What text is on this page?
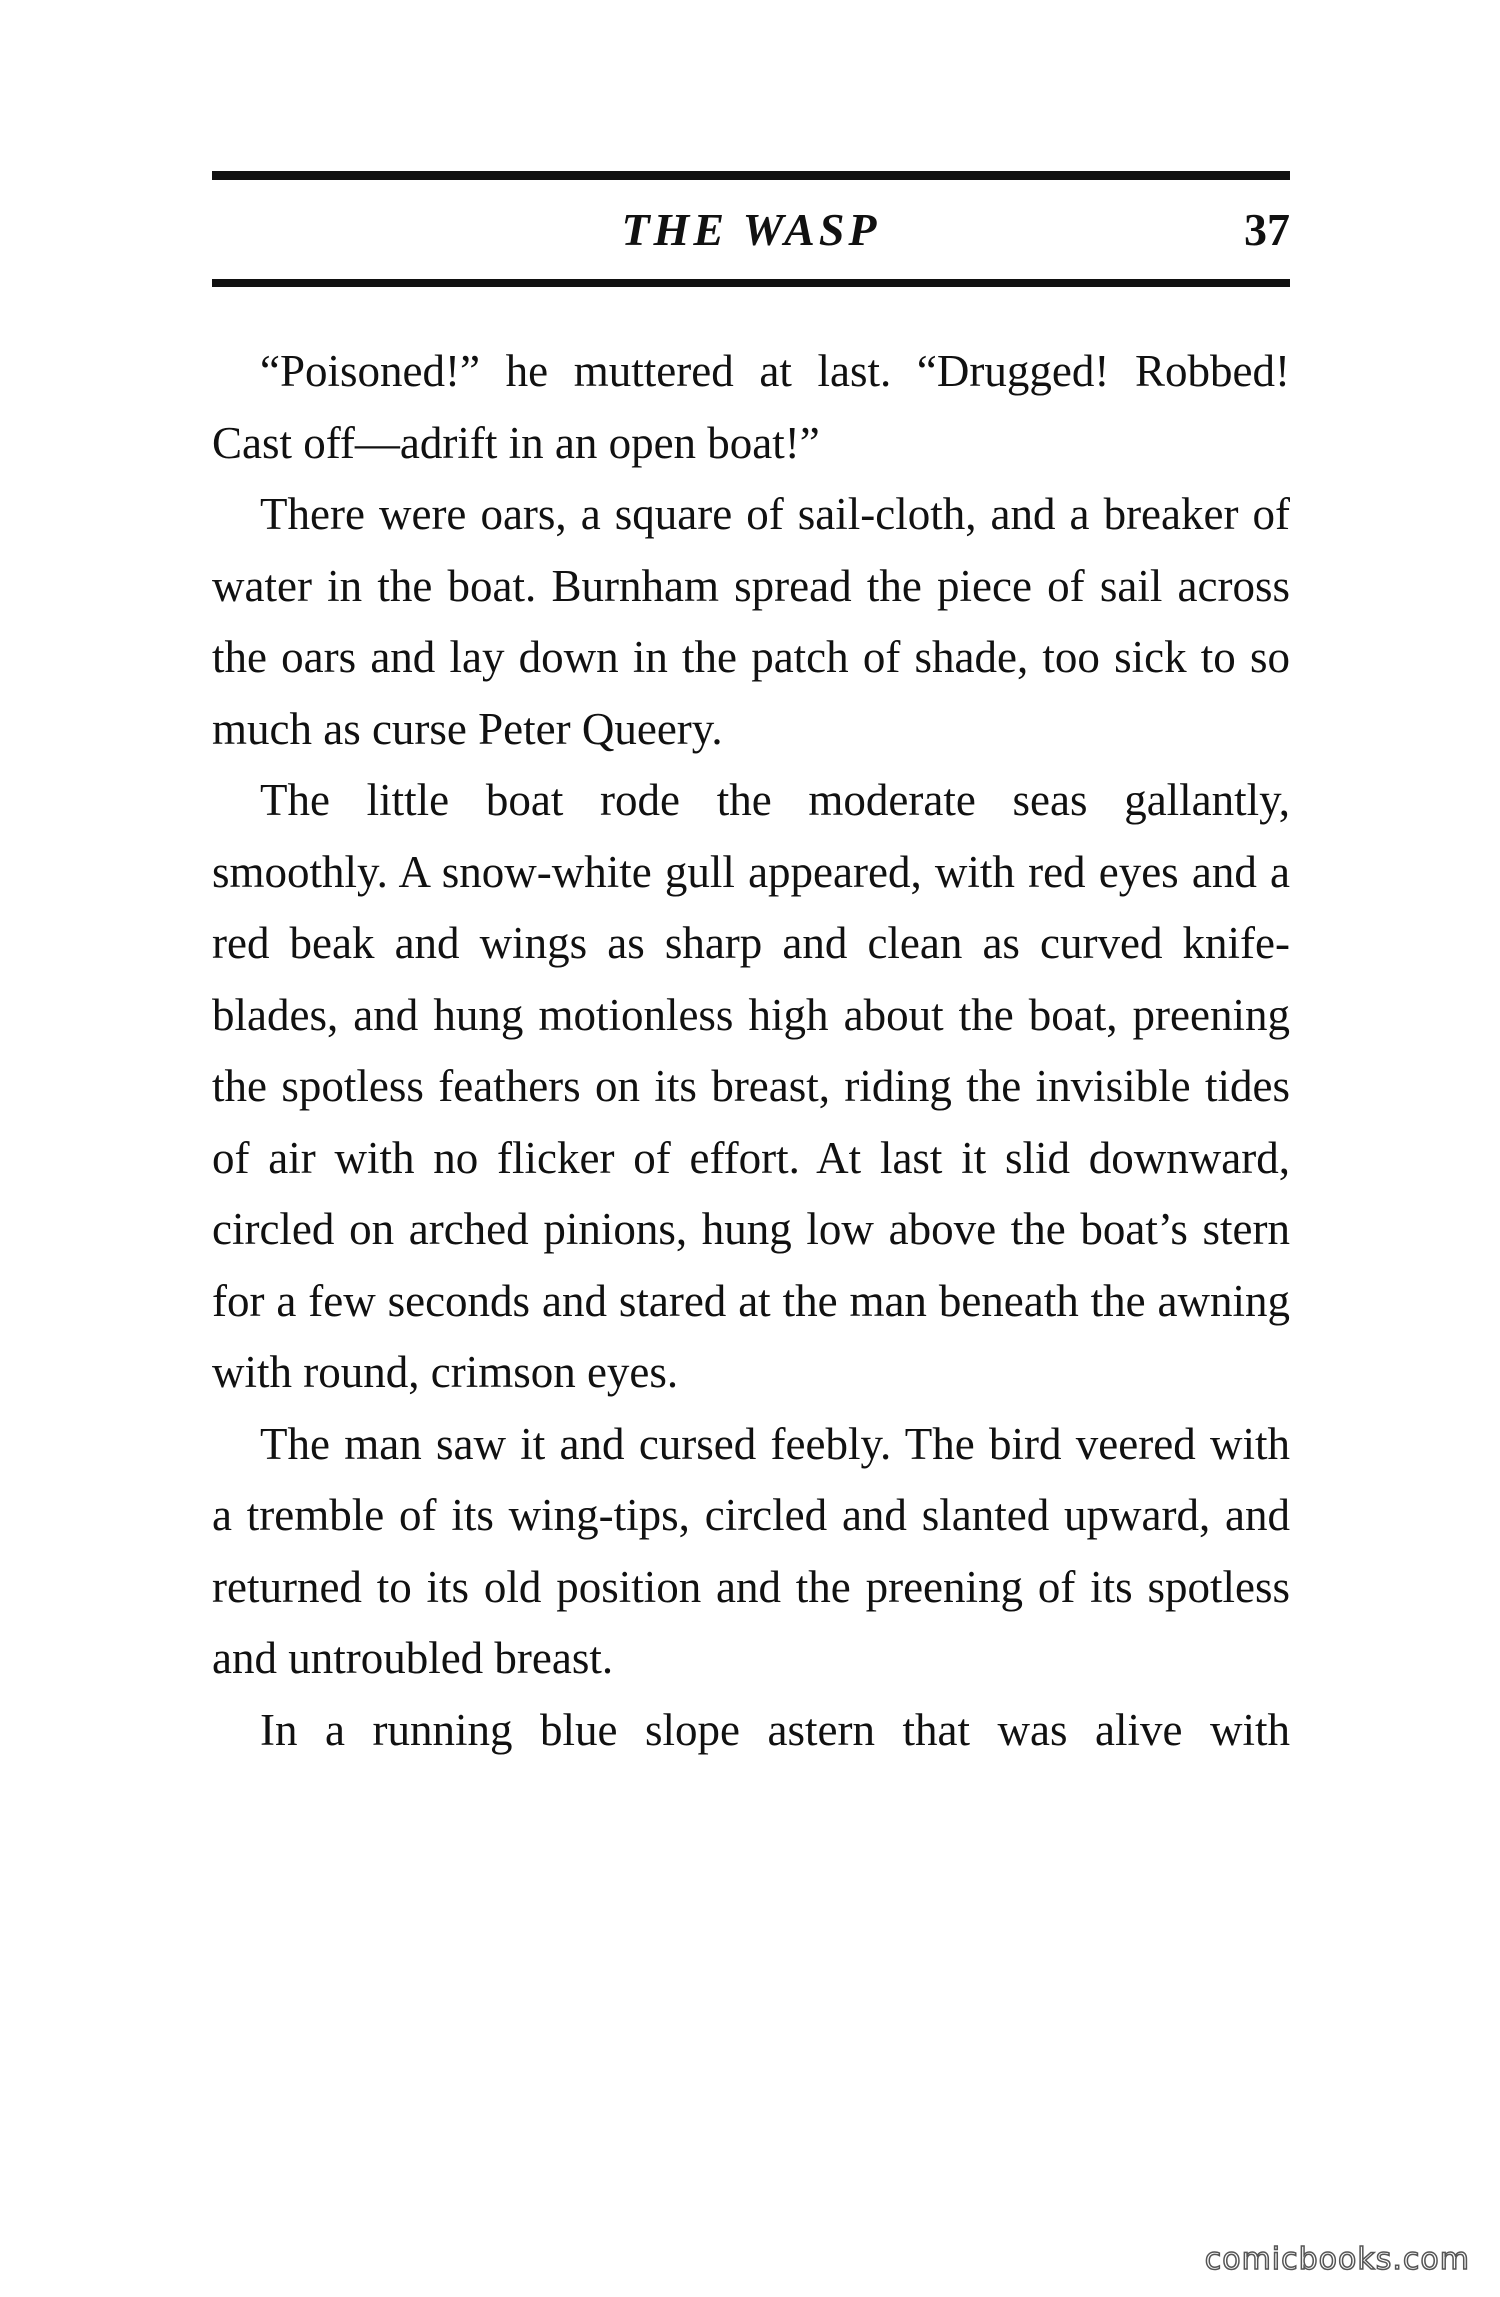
THE WASP	37

“Poisoned!” he muttered at last. “Drugged! Robbed! Cast off—adrift in an open boat!”

There were oars, a square of sail-cloth, and a breaker of water in the boat. Burnham spread the piece of sail across the oars and lay down in the patch of shade, too sick to so much as curse Peter Queery.

The little boat rode the moderate seas gallantly, smoothly. A snow-white gull appeared, with red eyes and a red beak and wings as sharp and clean as curved knife-blades, and hung motionless high about the boat, preening the spotless feathers on its breast, riding the invisible tides of air with no flicker of effort. At last it slid downward, circled on arched pinions, hung low above the boat’s stern for a few seconds and stared at the man beneath the awning with round, crimson eyes.

The man saw it and cursed feebly. The bird veered with a tremble of its wing-tips, circled and slanted upward, and returned to its old position and the preening of its spotless and untroubled breast.

In a running blue slope astern that was alive with

comicbooks.com
